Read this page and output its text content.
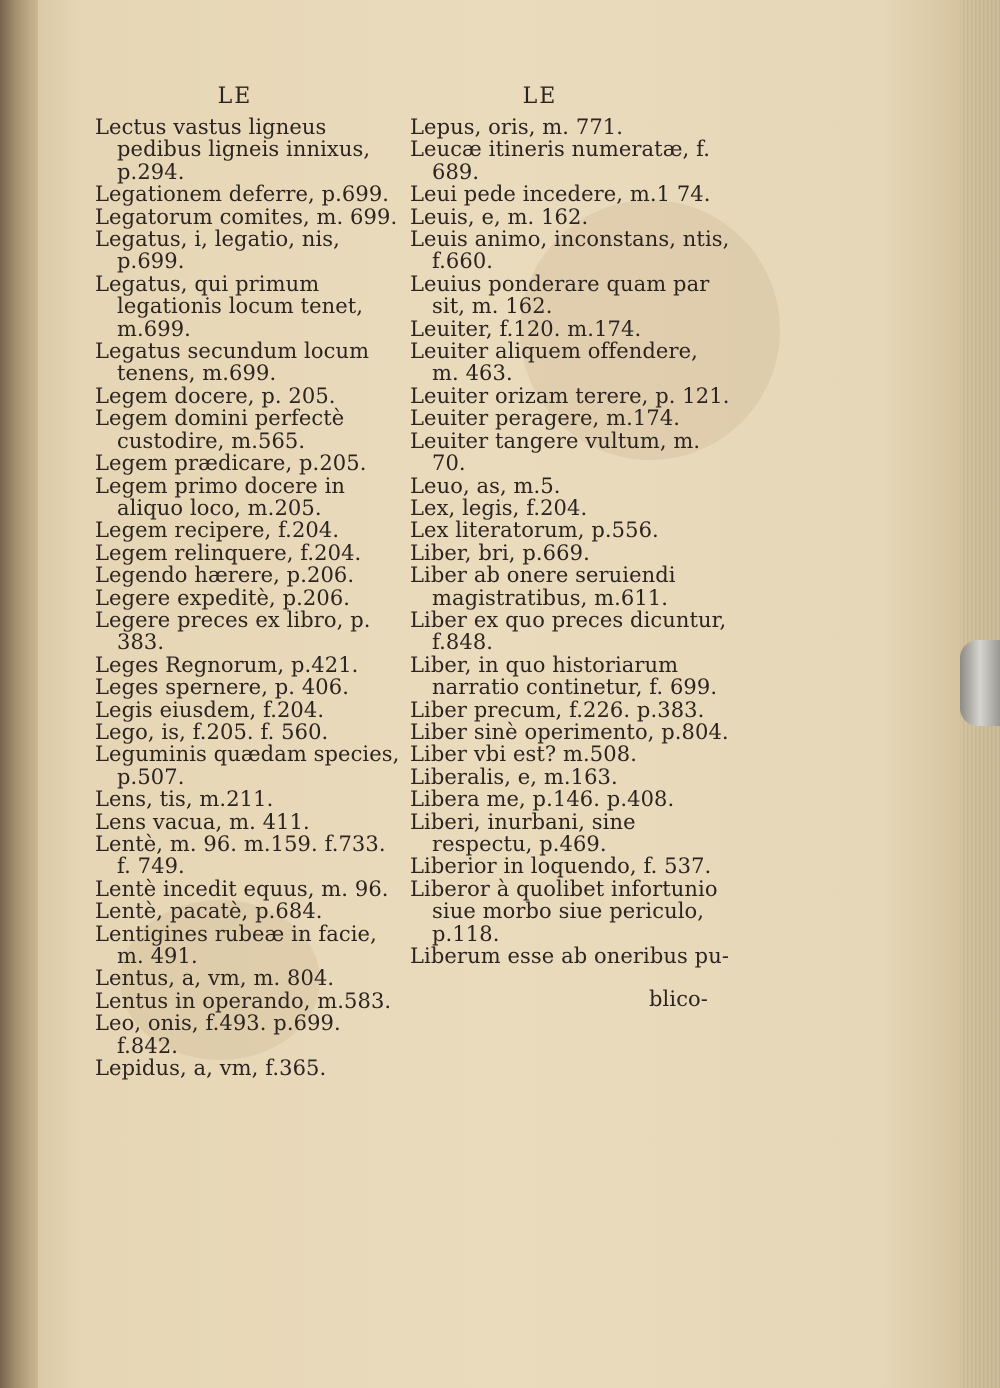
LE

Lectus vastus ligneus pedibus ligneis innixus, p.294.

Legationem deferre, p.699.

Legatorum comites, m. 699.

Legatus, i, legatio, nis, p.699.

Legatus, qui primum legationis locum tenet, m.699.

Legatus secundum locum tenens, m.699.

Legem docere, p. 205.

Legem domini perfectè custodire, m.565.

Legem prædicare, p.205.

Legem primo docere in aliquo loco, m.205.

Legem recipere, f.204.

Legem relinquere, f.204.

Legendo hærere, p.206.

Legere expeditè, p.206.

Legere preces ex libro, p. 383.

Leges Regnorum, p.421.

Leges spernere, p. 406.

Legis eiusdem, f.204.

Lego, is, f.205. f. 560.

Leguminis quædam species, p.507.

Lens, tis, m.211.

Lens vacua, m. 411.

Lentè, m. 96. m.159. f.733. f. 749.

Lentè incedit equus, m. 96.

Lentè, pacatè, p.684.

Lentigines rubeæ in facie, m. 491.

Lentus, a, vm, m. 804.

Lentus in operando, m.583.

Leo, onis, f.493. p.699. f.842.

Lepidus, a, vm, f.365.

LE

Lepus, oris, m. 771.

Leucæ itineris numeratæ, f. 689.

Leui pede incedere, m.1 74.

Leuis, e, m. 162.

Leuis animo, inconstans, ntis, f.660.

Leuius ponderare quam par sit, m. 162.

Leuiter, f.120. m.174.

Leuiter aliquem offendere, m. 463.

Leuiter orizam terere, p. 121.

Leuiter peragere, m.174.

Leuiter tangere vultum, m. 70.

Leuo, as, m.5.

Lex, legis, f.204.

Lex literatorum, p.556.

Liber, bri, p.669.

Liber ab onere seruiendi magistratibus, m.611.

Liber ex quo preces dicuntur, f.848.

Liber, in quo historiarum narratio continetur, f. 699.

Liber precum, f.226. p.383.

Liber sinè operimento, p.804.

Liber vbi est? m.508.

Liberalis, e, m.163.

Libera me, p.146. p.408.

Liberi, inurbani, sine respectu, p.469.

Liberior in loquendo, f. 537.

Liberor à quolibet infortunio siue morbo siue periculo, p.118.

Liberum esse ab oneribus pu-

blico-
